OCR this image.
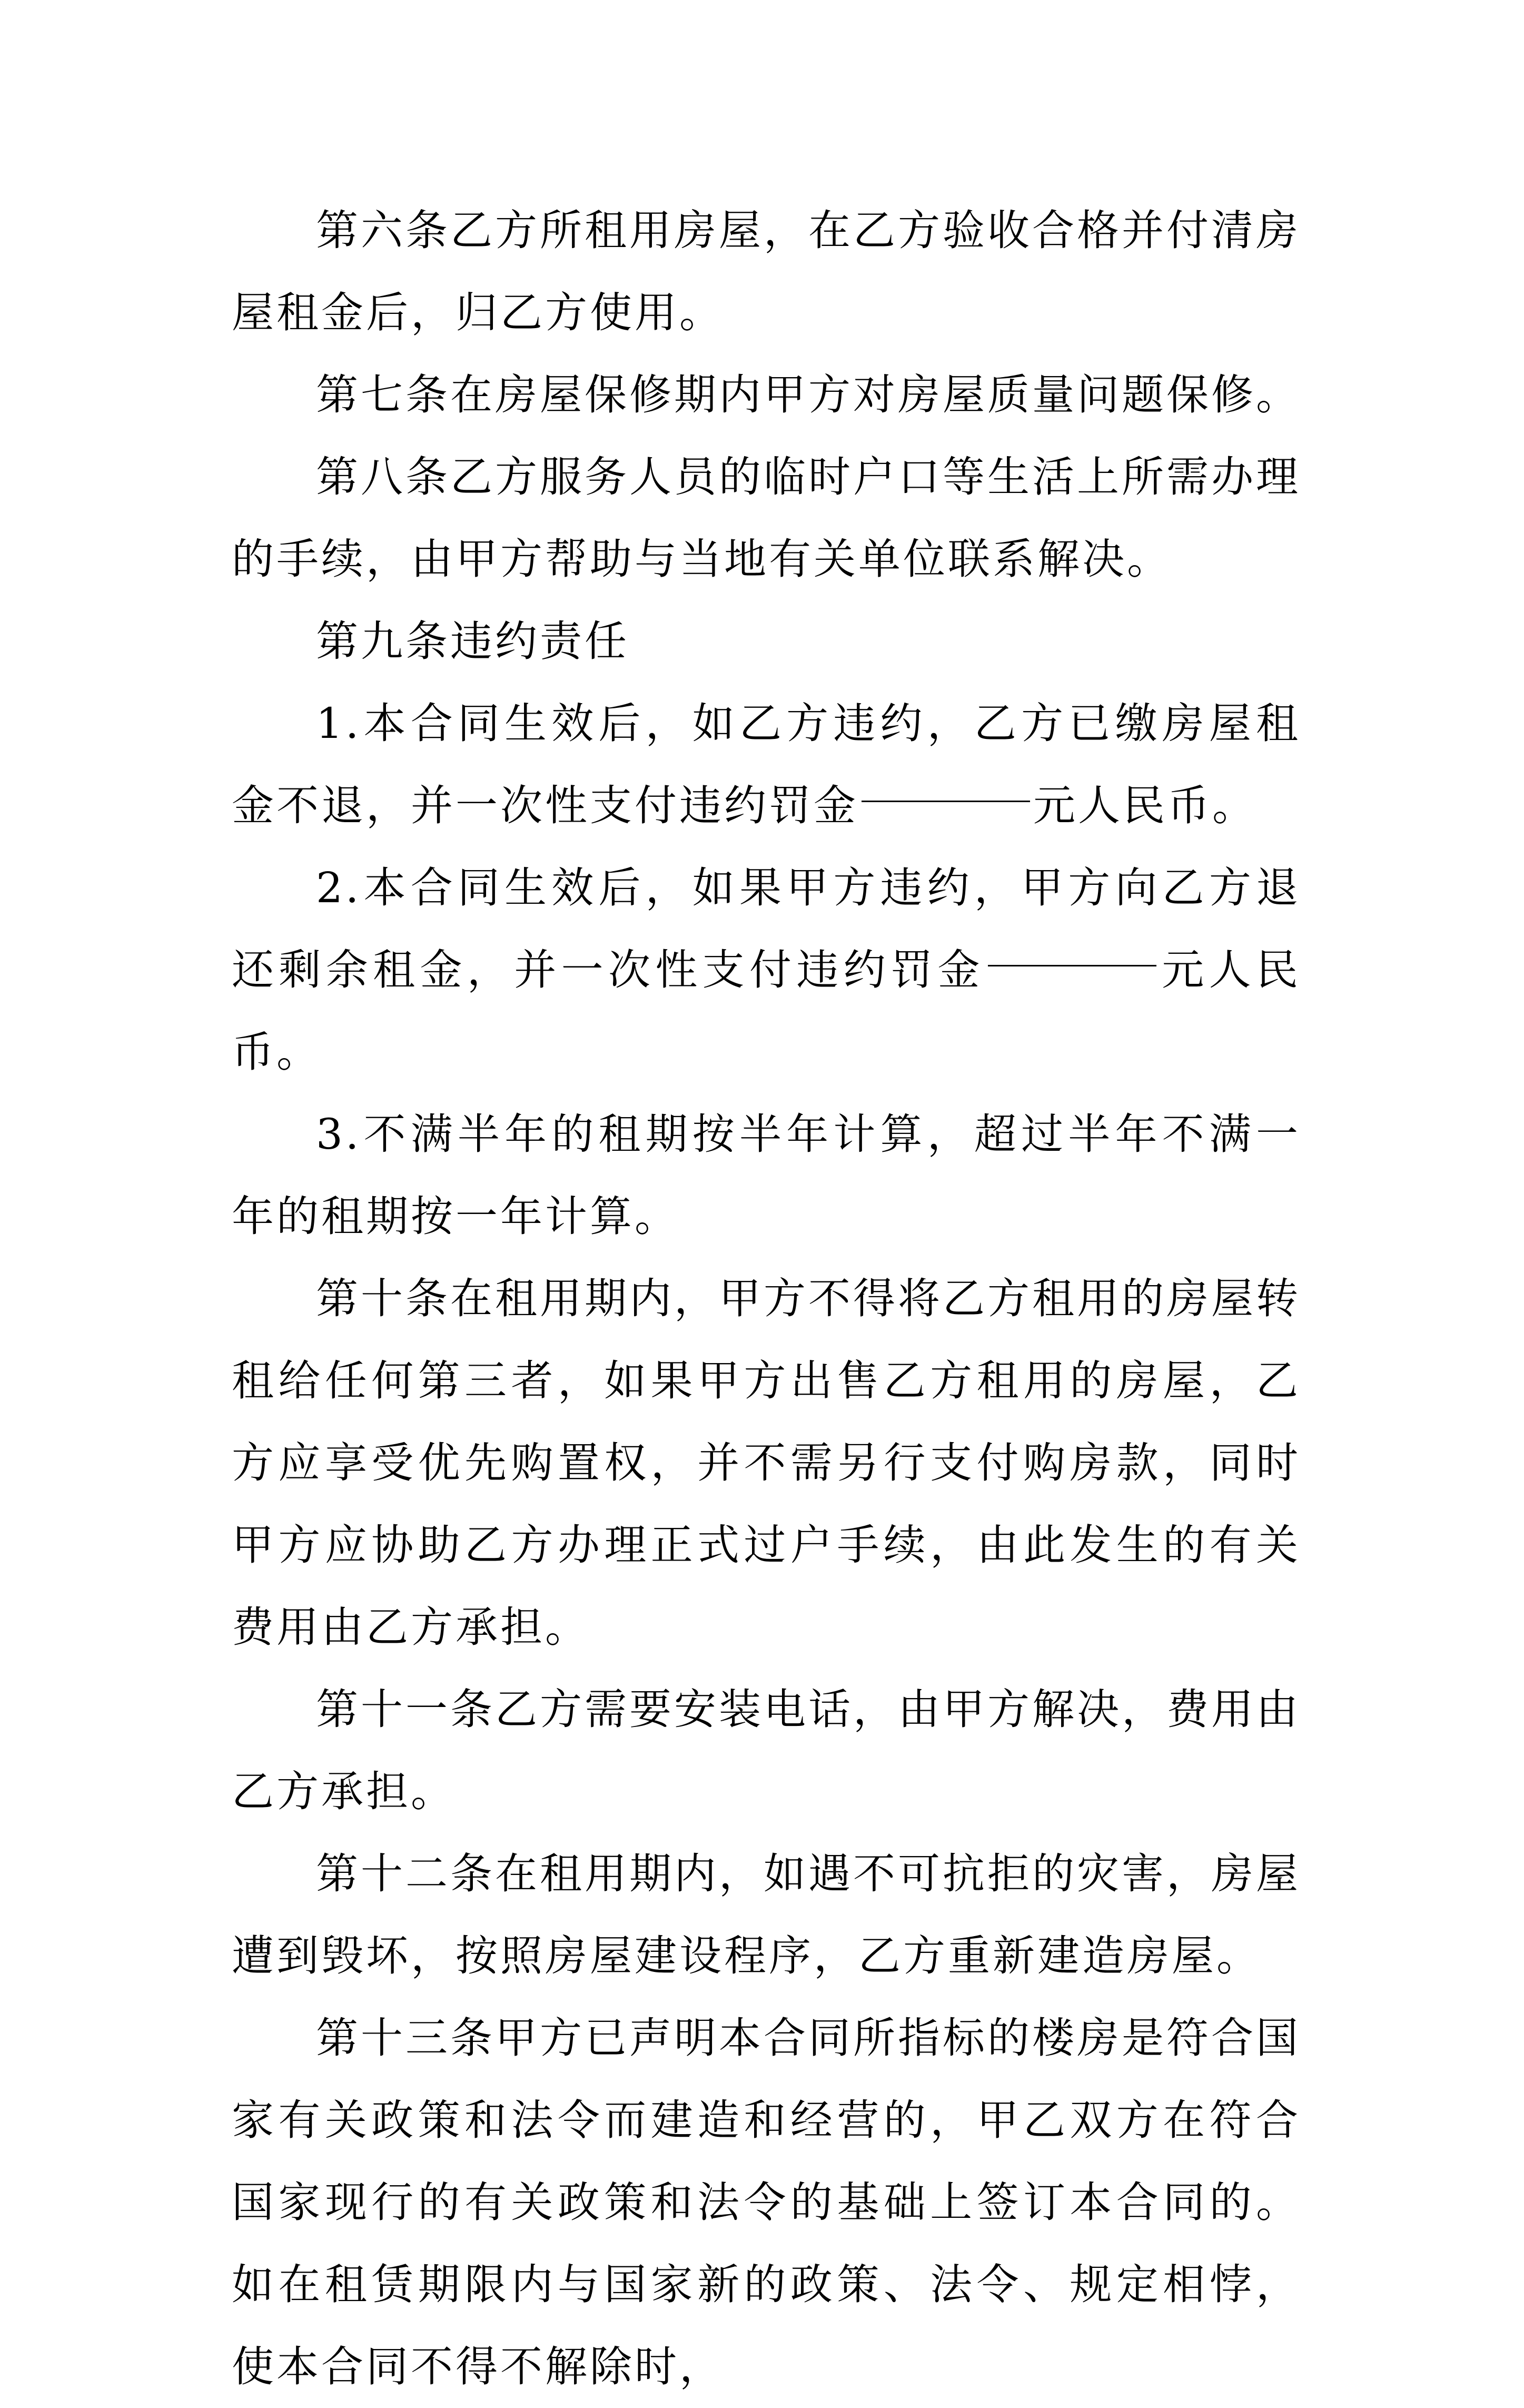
第六条乙方所租用房屋，在乙方验收合格并付清房屋租金后，归乙方使用。

第七条在房屋保修期内甲方对房屋质量问题保修。

第八条乙方服务人员的临时户口等生活上所需办理的手续，由甲方帮助与当地有关单位联系解决。

第九条违约责任

1.本合同生效后，如乙方违约，乙方已缴房屋租金不退，并一次性支付违约罚金	元人民币。

2.本合同生效后，如果甲方违约，甲方向乙方退还剩余租金，并一次性支付违约罚金	元人民币。

3.不满半年的租期按半年计算，超过半年不满一年的租期按一年计算。

第十条在租用期内，甲方不得将乙方租用的房屋转租给任何第三者，如果甲方出售乙方租用的房屋，乙方应享受优先购置权，并不需另行支付购房款，同时甲方应协助乙方办理正式过户手续，由此发生的有关费用由乙方承担。

第十一条乙方需要安装电话，由甲方解决，费用由乙方承担。

第十二条在租用期内，如遇不可抗拒的灾害，房屋遭到毁坏，按照房屋建设程序，乙方重新建造房屋。

第十三条甲方已声明本合同所指标的楼房是符合国家有关政策和法令而建造和经营的，甲乙双方在符合国家现行的有关政策和法令的基础上签订本合同的。如在租赁期限内与国家新的政策、法令、规定相悖，使本合同不得不解除时，
